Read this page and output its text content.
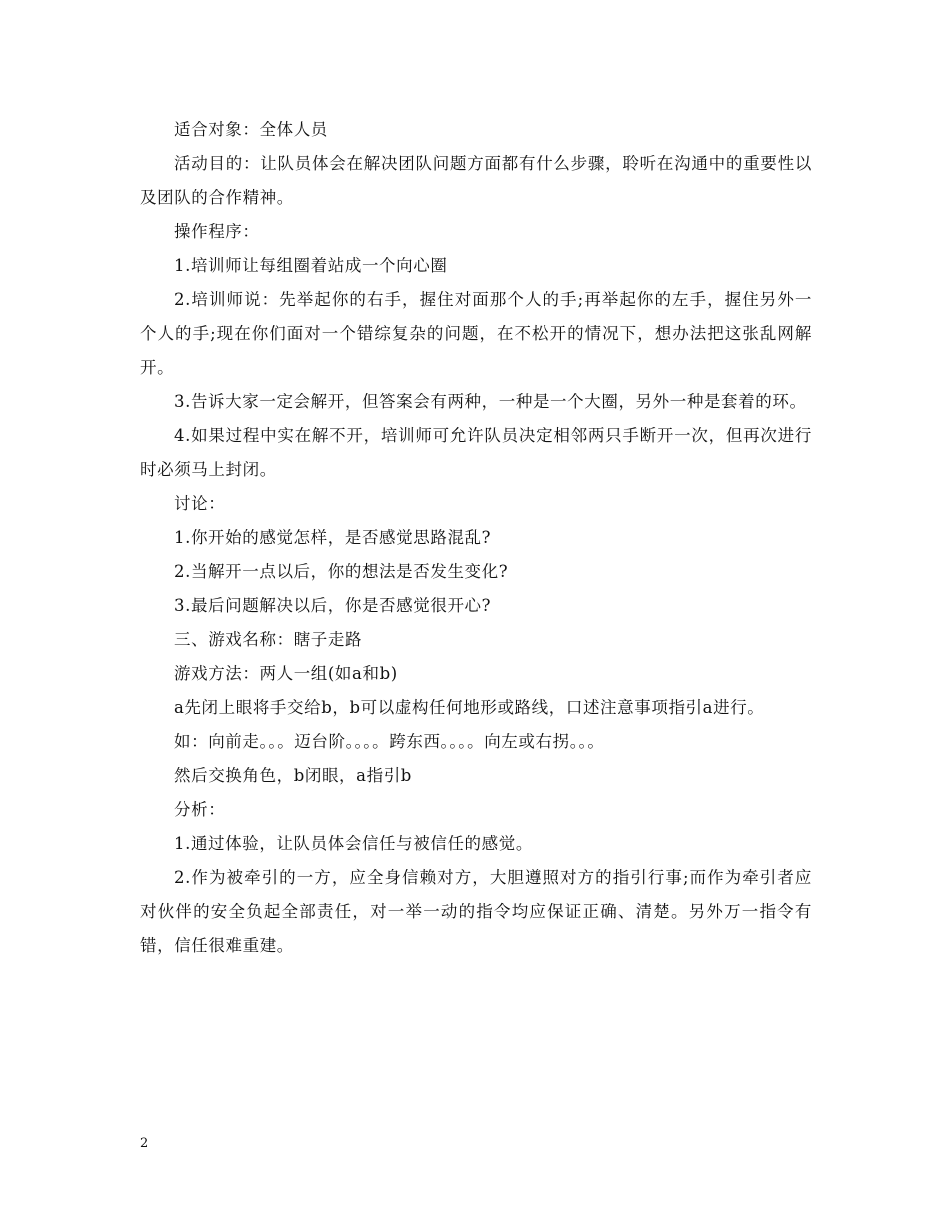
适合对象：全体人员

活动目的：让队员体会在解决团队问题方面都有什么步骤，聆听在沟通中的重要性以及团队的合作精神。

操作程序：

1.培训师让每组圈着站成一个向心圈

2.培训师说：先举起你的右手，握住对面那个人的手;再举起你的左手，握住另外一个人的手;现在你们面对一个错综复杂的问题，在不松开的情况下，想办法把这张乱网解开。

3.告诉大家一定会解开，但答案会有两种，一种是一个大圈，另外一种是套着的环。

4.如果过程中实在解不开，培训师可允许队员决定相邻两只手断开一次，但再次进行时必须马上封闭。

讨论：

1.你开始的感觉怎样，是否感觉思路混乱?

2.当解开一点以后，你的想法是否发生变化?

3.最后问题解决以后，你是否感觉很开心?

三、游戏名称：瞎子走路

游戏方法：两人一组(如a和b)

a先闭上眼将手交给b，b可以虚构任何地形或路线，口述注意事项指引a进行。

如：向前走。。。迈台阶。。。。跨东西。。。。向左或右拐。。。

然后交换角色，b闭眼，a指引b

分析：

1.通过体验，让队员体会信任与被信任的感觉。

2.作为被牵引的一方，应全身信赖对方，大胆遵照对方的指引行事;而作为牵引者应对伙伴的安全负起全部责任，对一举一动的指令均应保证正确、清楚。另外万一指令有错，信任很难重建。

2
